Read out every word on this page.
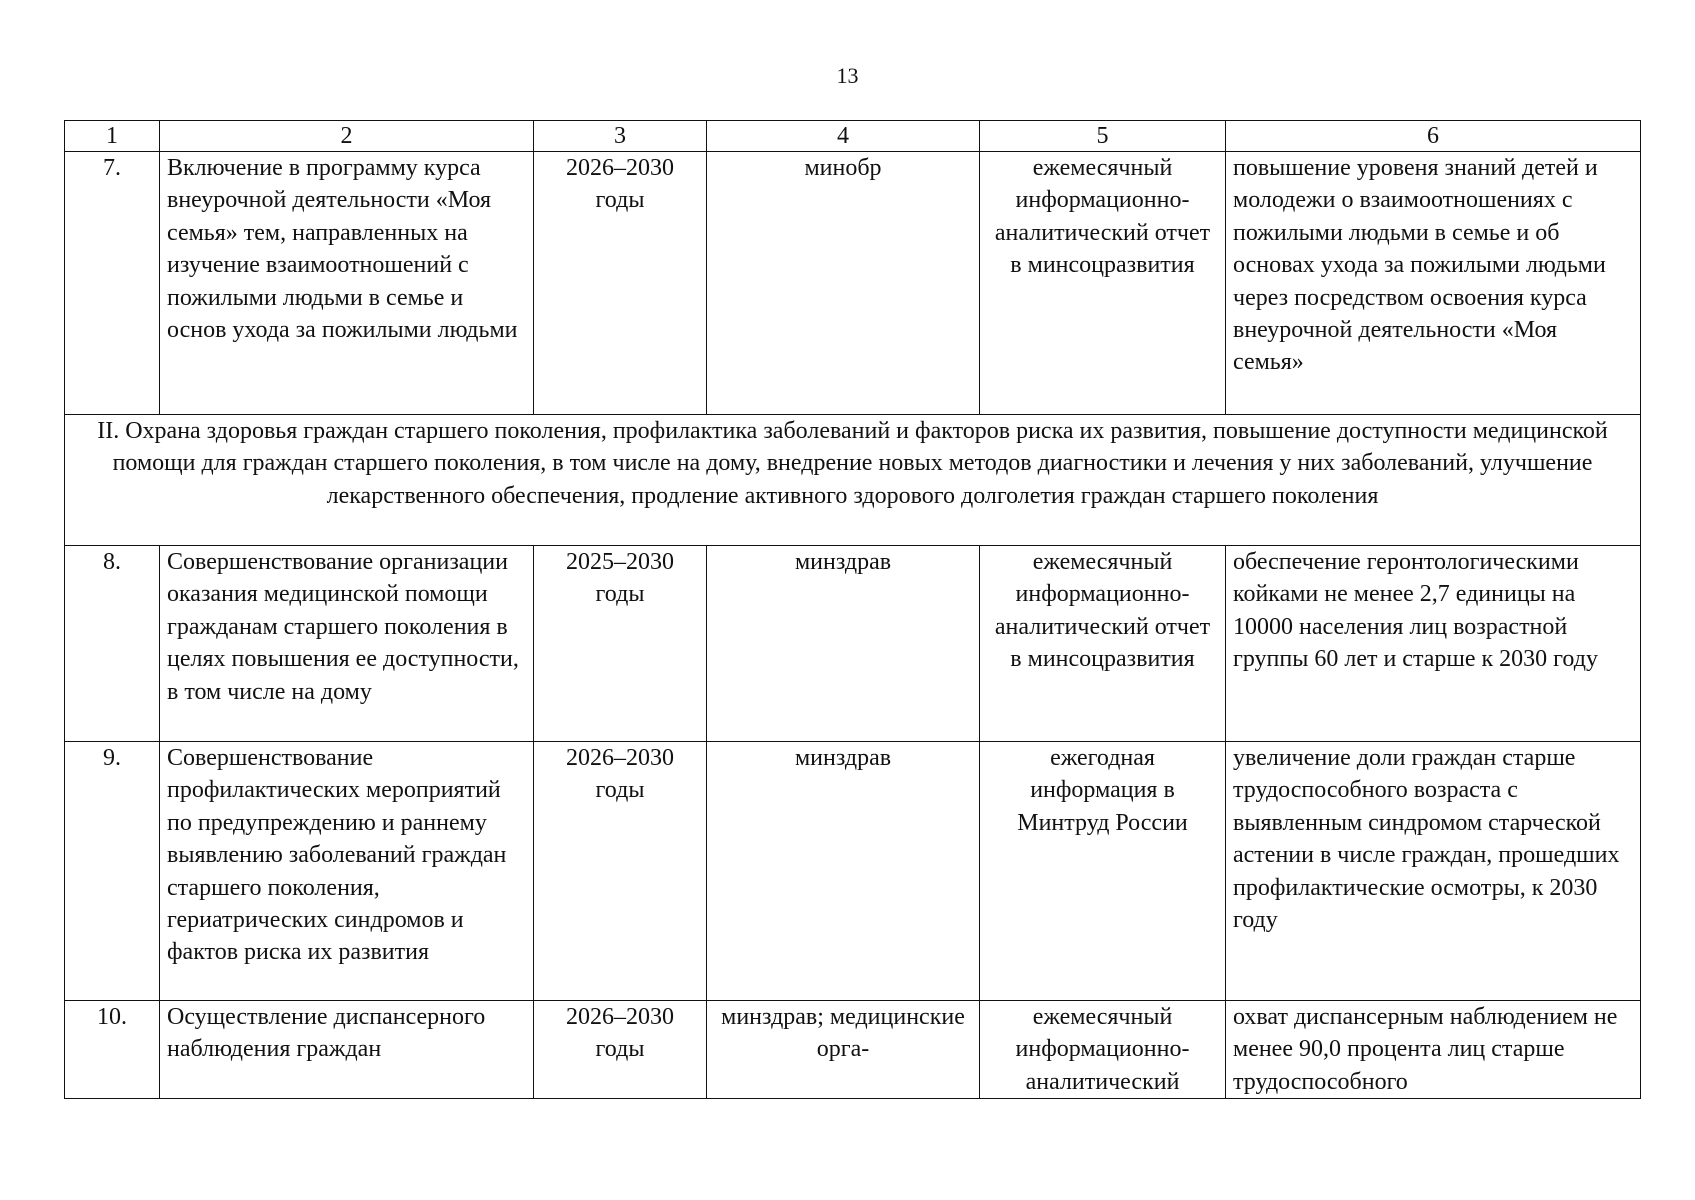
13
1	2	3	4	5	6
7.	Включение в программу курса внеурочной деятельности «Моя семья» тем, направленных на изучение взаимоотношений с пожилыми людьми в семье и основ ухода за пожилыми людьми	2026–2030 годы	минобр	ежемесячный информационно-аналитический отчет в минсоцразвития	повышение уровеня знаний детей и молодежи о взаимоотношениях с пожилыми людьми в семье и об основах ухода за пожилыми людьми через посредством освоения курса внеурочной деятельности «Моя семья»
II. Охрана здоровья граждан старшего поколения, профилактика заболеваний и факторов риска их развития, повышение доступности медицинской помощи для граждан старшего поколения, в том числе на дому, внедрение новых методов диагностики и лечения у них заболеваний, улучшение лекарственного обеспечения, продление активного здорового долголетия граждан старшего поколения					
8.	Совершенствование организации оказания медицинской помощи гражданам старшего поколения в целях повышения ее доступности, в том числе на дому	2025–2030 годы	минздрав	ежемесячный информационно-аналитический отчет в минсоцразвития	обеспечение геронтологическими койками не менее 2,7 единицы на 10000 населения лиц возрастной группы 60 лет и старше к 2030 году
9.	Совершенствование профилактических мероприятий по предупреждению и раннему выявлению заболеваний граждан старшего поколения, гериатрических синдромов и фактов риска их развития	2026–2030 годы	минздрав	ежегодная информация в Минтруд России	увеличение доли граждан старше трудоспособного возраста с выявленным синдромом старческой астении в числе граждан, прошедших профилактические осмотры, к 2030 году
10.	Осуществление диспансерного наблюдения граждан	2026–2030 годы	минздрав; медицинские орга-	ежемесячный информационно-аналитический	охват диспансерным наблюдением не менее 90,0 процента лиц старше трудоспособного
